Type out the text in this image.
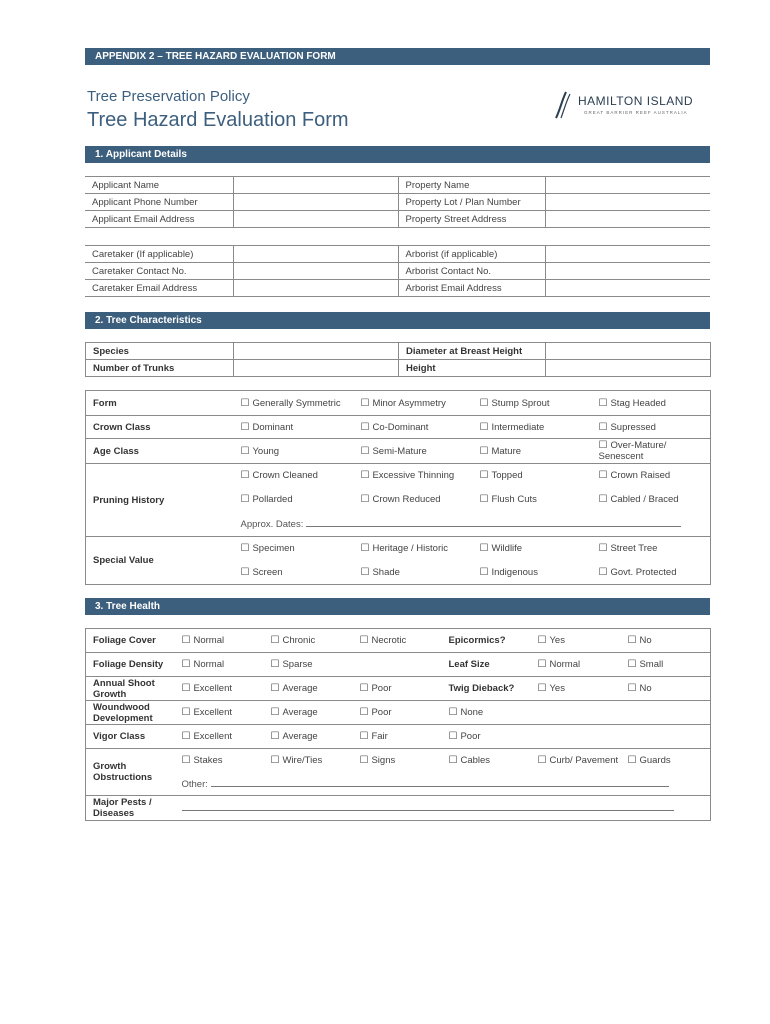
APPENDIX 2 – TREE HAZARD EVALUATION FORM
Tree Preservation Policy
Tree Hazard Evaluation Form
HAMILTON ISLAND
GREAT BARRIER REEF AUSTRALIA
1. Applicant Details
Applicant Name		Property Name	
Applicant Phone Number		Property Lot / Plan Number	
Applicant Email Address		Property Street Address	
Caretaker (If applicable)		Arborist (if applicable)	
Caretaker Contact No.		Arborist Contact No.	
Caretaker Email Address		Arborist Email Address	
2. Tree Characteristics
Species		Diameter at Breast Height	
Number of Trunks		Height	
Form	☐Generally Symmetric	☐Minor Asymmetry	☐Stump Sprout	☐Stag Headed
Crown Class	☐Dominant	☐Co-Dominant	☐Intermediate	☐Supressed
Age Class	☐Young	☐Semi-Mature	☐Mature	☐Over-Mature/ Senescent
Pruning History	☐ Crown Cleaned	☐Excessive Thinning	☐Topped	☐Crown Raised
☐ Pollarded	☐Crown Reduced	☐Flush Cuts	☐Cabled / Braced
	Approx. Dates:			
Special Value	☐ Specimen	☐Heritage / Historic	☐Wildlife	☐Street Tree
☐ Screen	☐Shade	☐Indigenous	☐Govt. Protected
3. Tree Health
Foliage Cover	☐Normal	☐Chronic	☐Necrotic	Epicormics?	☐Yes	☐No
Foliage Density	☐Normal	☐Sparse		Leaf Size	☐Normal	☐Small
Annual Shoot Growth	☐Excellent	☐Average	☐Poor	Twig Dieback?	☐Yes	☐No
Woundwood Development	☐Excellent	☐Average	☐Poor	☐None
Vigor Class	☐Excellent	☐Average	☐Fair	☐Poor
Growth Obstructions	☐ Stakes	☐Wire/Ties	☐Signs	☐Cables	☐Curb/ Pavement	☐Guards
	Other:					
Major Pests / Diseases						
